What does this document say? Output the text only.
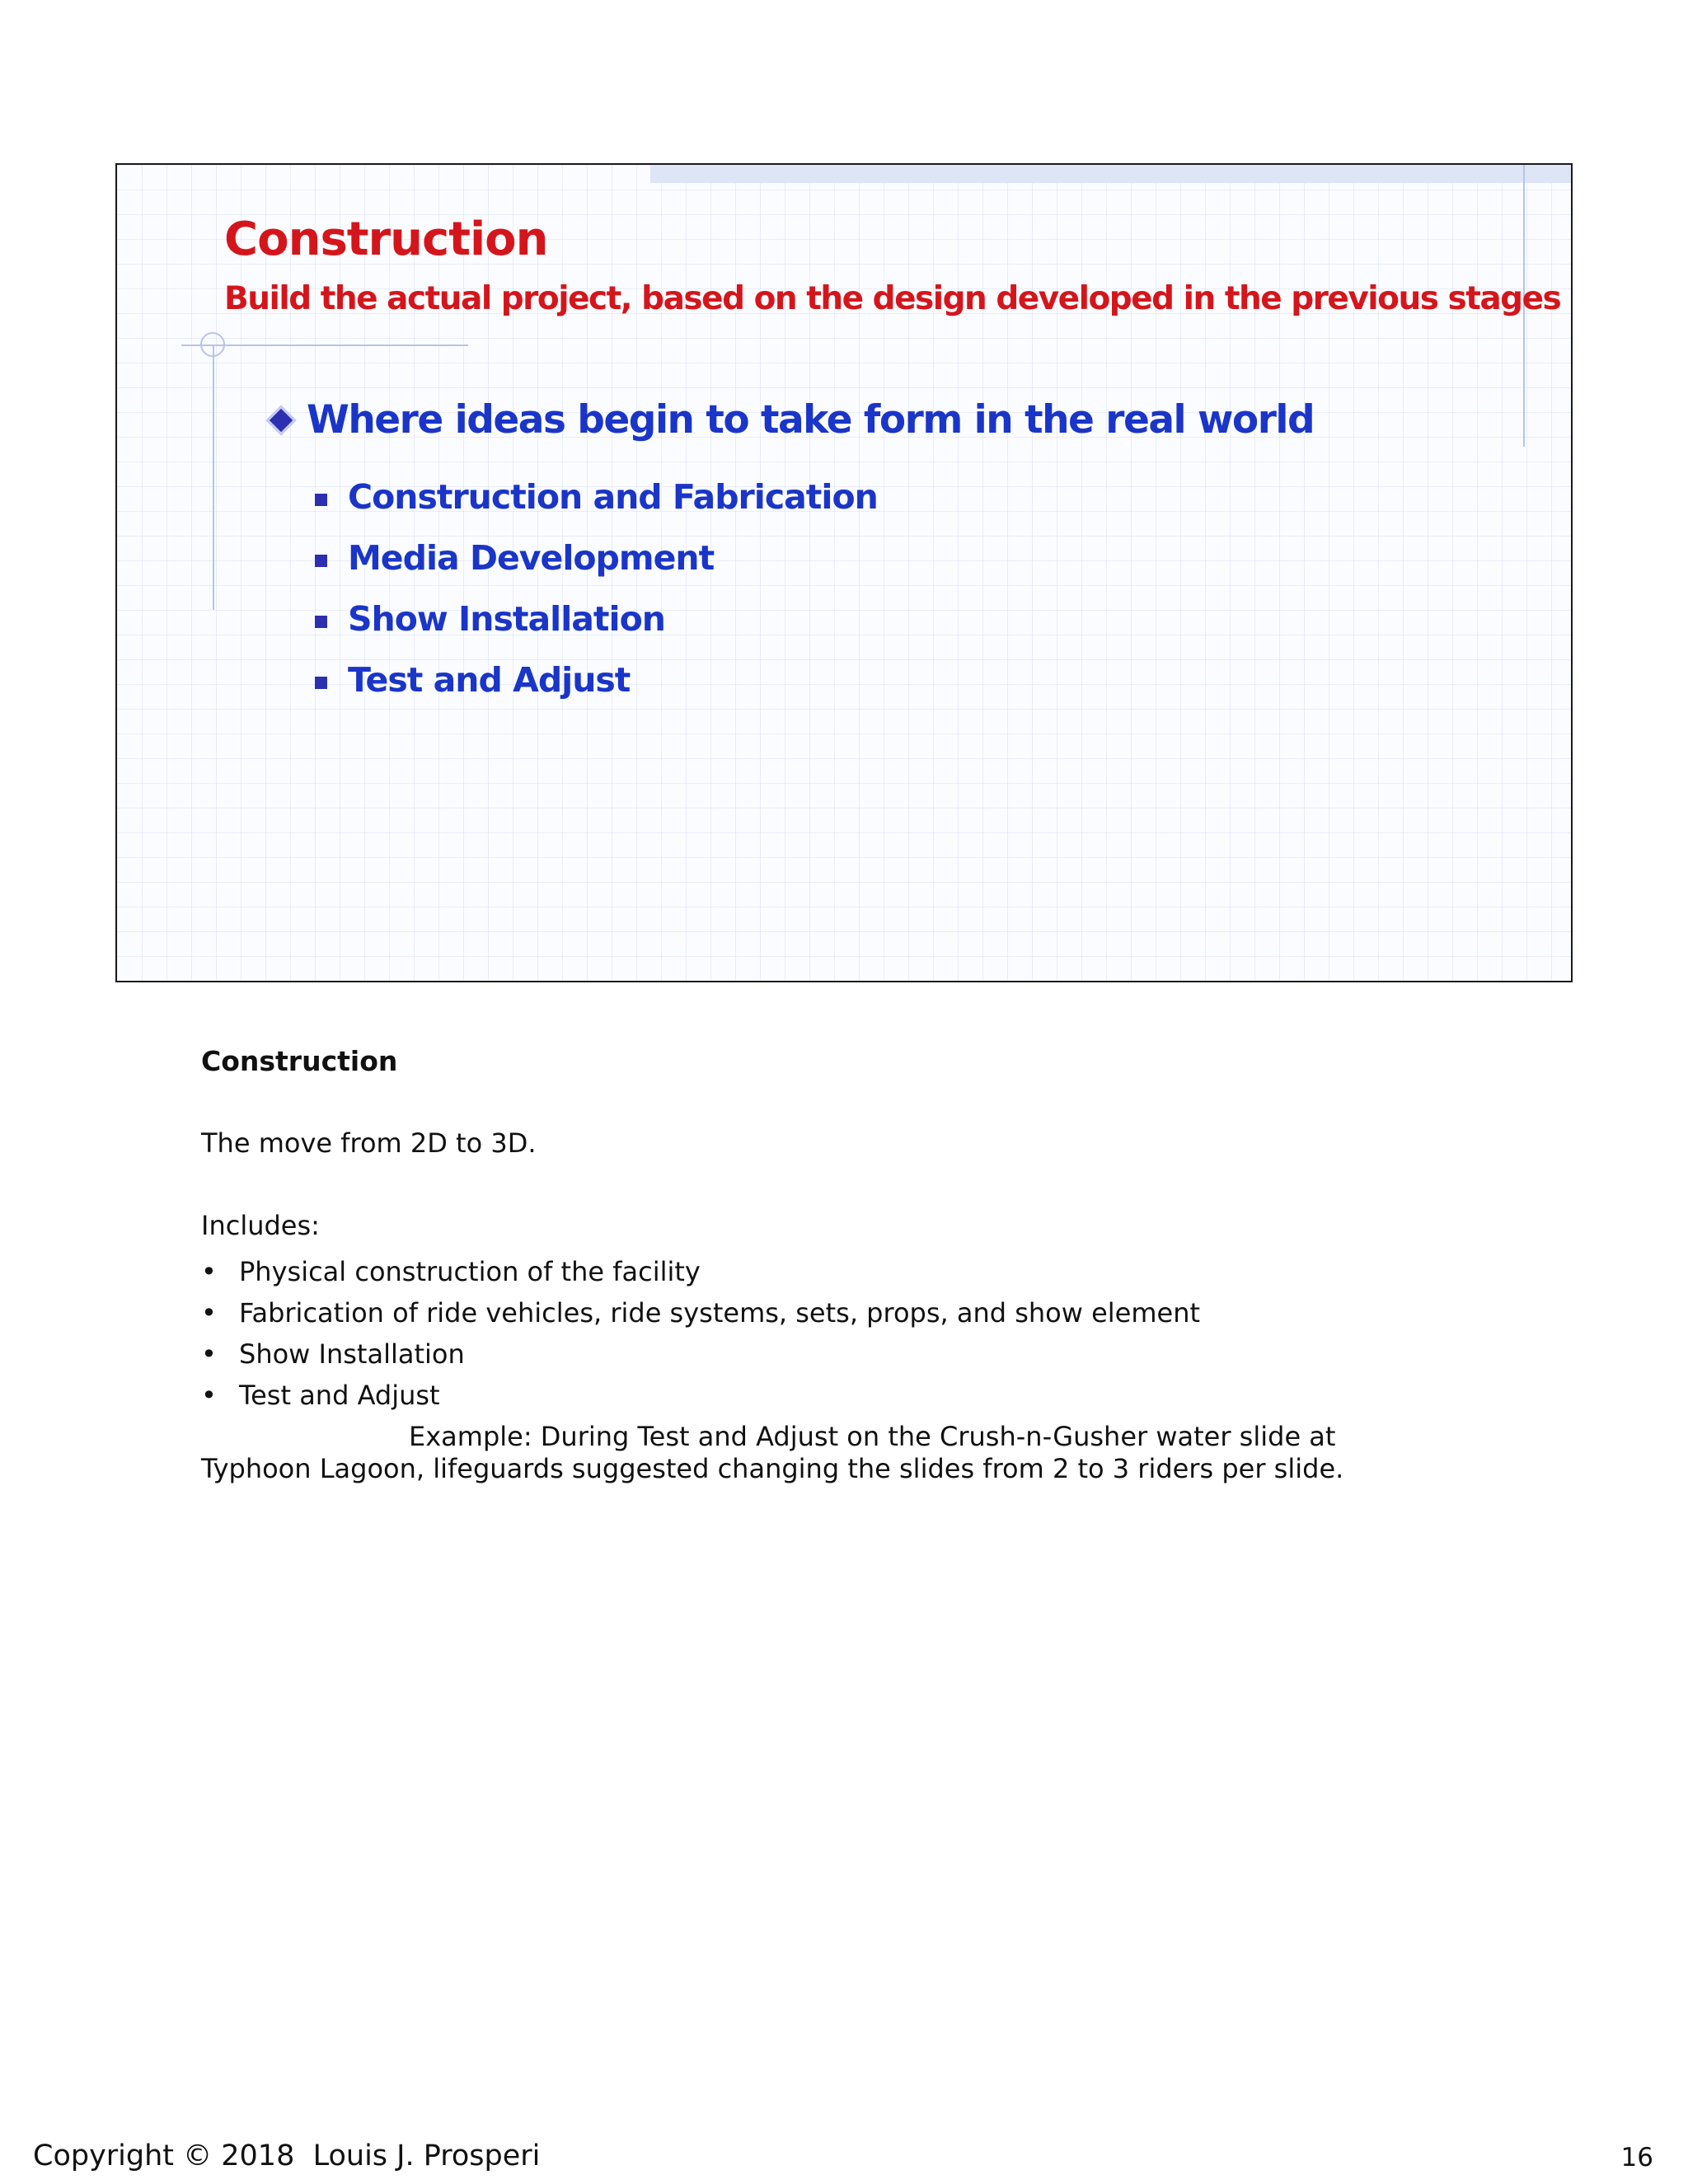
Construction
Build the actual project, based on the design developed in the previous stages
Where ideas begin to take form in the real world
Construction and Fabrication
Media Development
Show Installation
Test and Adjust
Construction

The move from 2D to 3D.

Includes:

• Physical construction of the facility
• Fabrication of ride vehicles, ride systems, sets, props, and show element
• Show Installation
• Test and Adjust

Example: During Test and Adjust on the Crush-n-Gusher water slide at Typhoon Lagoon, lifeguards suggested changing the slides from 2 to 3 riders per slide.

Copyright © 2018  Louis J. Prosperi	16
